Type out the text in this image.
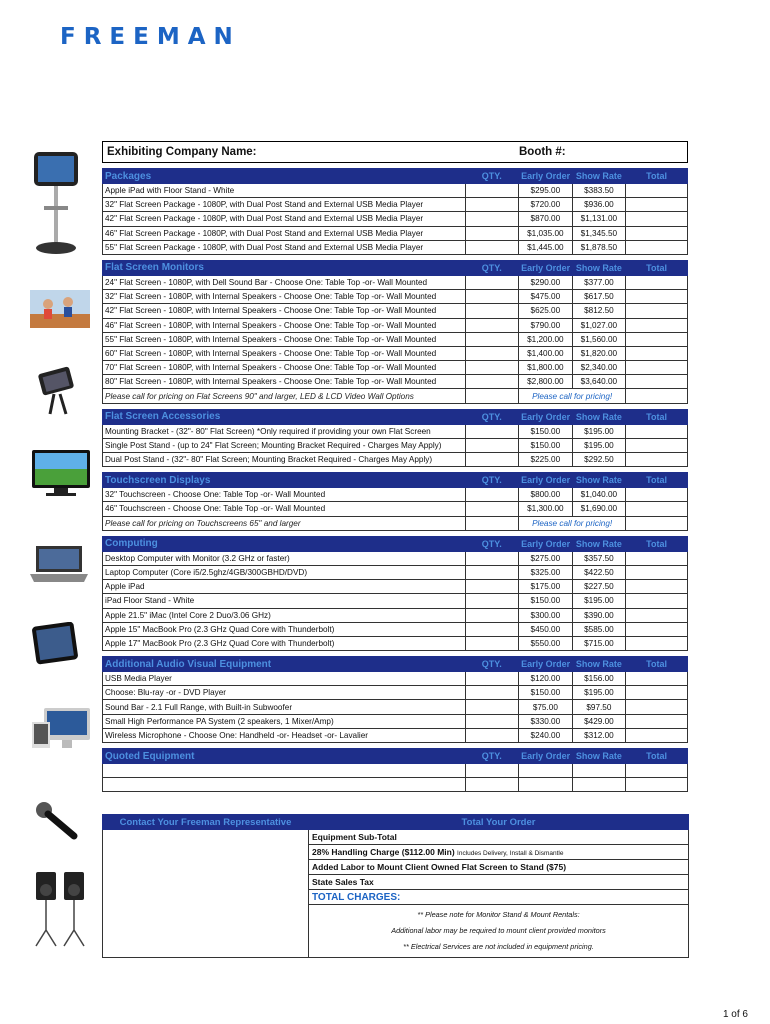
FREEMAN
Exhibiting Company Name:	Booth #:
Packages	QTY.	Early Order	Show Rate	Total
Apple iPad with Floor Stand - White		$295.00	$383.50	
32" Flat Screen Package - 1080P, with Dual Post Stand and External USB Media Player		$720.00	$936.00	
42" Flat Screen Package - 1080P, with Dual Post Stand and External USB Media Player		$870.00	$1,131.00	
46" Flat Screen Package - 1080P, with Dual Post Stand and External USB Media Player		$1,035.00	$1,345.50	
55" Flat Screen Package - 1080P, with Dual Post Stand and External USB Media Player		$1,445.00	$1,878.50	

Flat Screen Monitors	QTY.	Early Order	Show Rate	Total
24" Flat Screen - 1080P, with Dell Sound Bar - Choose One: Table Top -or- Wall Mounted		$290.00	$377.00	
32" Flat Screen - 1080P, with Internal Speakers - Choose One: Table Top -or- Wall Mounted		$475.00	$617.50	
42" Flat Screen - 1080P, with Internal Speakers - Choose One: Table Top -or- Wall Mounted		$625.00	$812.50	
46" Flat Screen - 1080P, with Internal Speakers - Choose One: Table Top -or- Wall Mounted		$790.00	$1,027.00	
55" Flat Screen - 1080P, with Internal Speakers - Choose One: Table Top -or- Wall Mounted		$1,200.00	$1,560.00	
60" Flat Screen - 1080P, with Internal Speakers - Choose One: Table Top -or- Wall Mounted		$1,400.00	$1,820.00	
70" Flat Screen - 1080P, with Internal Speakers - Choose One: Table Top -or- Wall Mounted		$1,800.00	$2,340.00	
80" Flat Screen - 1080P, with Internal Speakers - Choose One: Table Top -or- Wall Mounted		$2,800.00	$3,640.00	
Please call for pricing on Flat Screens 90" and larger, LED & LCD Video Wall Options		Please call for pricing!		

Flat Screen Accessories	QTY.	Early Order	Show Rate	Total
Mounting Bracket - (32"- 80" Flat Screen) *Only required if providing your own Flat Screen		$150.00	$195.00	
Single Post Stand - (up to 24" Flat Screen; Mounting Bracket Required - Charges May Apply)		$150.00	$195.00	
Dual Post Stand - (32"- 80" Flat Screen; Mounting Bracket Required - Charges May Apply)		$225.00	$292.50	

Touchscreen Displays	QTY.	Early Order	Show Rate	Total
32" Touchscreen - Choose One: Table Top -or- Wall Mounted		$800.00	$1,040.00	
46" Touchscreen - Choose One: Table Top -or- Wall Mounted		$1,300.00	$1,690.00	
Please call for pricing on Touchscreens 65" and larger		Please call for pricing!		

Computing	QTY.	Early Order	Show Rate	Total
Desktop Computer with Monitor (3.2 GHz or faster)		$275.00	$357.50	
Laptop Computer (Core i5/2.5ghz/4GB/300GBHD/DVD)		$325.00	$422.50	
Apple iPad		$175.00	$227.50	
iPad Floor Stand - White		$150.00	$195.00	
Apple 21.5" iMac (Intel Core 2 Duo/3.06 GHz)		$300.00	$390.00	
Apple 15" MacBook Pro (2.3 GHz Quad Core with Thunderbolt)		$450.00	$585.00	
Apple 17" MacBook Pro (2.3 GHz Quad Core with Thunderbolt)		$550.00	$715.00	

Additional Audio Visual Equipment	QTY.	Early Order	Show Rate	Total
USB Media Player		$120.00	$156.00	
Choose: Blu-ray -or - DVD Player		$150.00	$195.00	
Sound Bar - 2.1 Full Range, with Built-in Subwoofer		$75.00	$97.50	
Small High Performance PA System (2 speakers, 1 Mixer/Amp)		$330.00	$429.00	
Wireless Microphone - Choose One: Handheld -or- Headset -or- Lavalier		$240.00	$312.00	

Quoted Equipment	QTY.	Early Order	Show Rate	Total

Contact Your Freeman Representative	Total Your Order
	Equipment Sub-Total
	28% Handling Charge ($112.00 Min) Includes Delivery, Install & Dismantle
	Added Labor to Mount Client Owned Flat Screen to Stand ($75)
	State Sales Tax
	TOTAL CHARGES:

	** Please note for Monitor Stand & Mount Rentals:
Additional labor may be required to mount client provided monitors
** Electrical Services are not included in equipment pricing.
1 of 6
